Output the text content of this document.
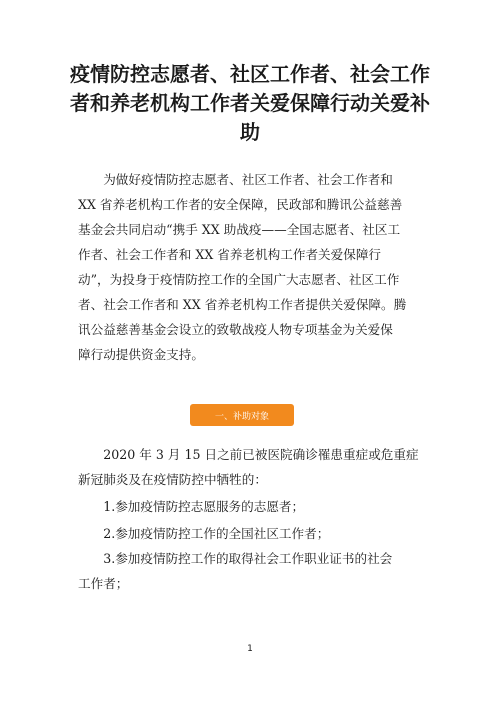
疫情防控志愿者、社区工作者、社会工作
者和养老机构工作者关爱保障行动关爱补
助
　　为做好疫情防控志愿者、社区工作者、社会工作者和
XX 省养老机构工作者的安全保障，民政部和腾讯公益慈善
基金会共同启动“携手 XX 助战疫——全国志愿者、社区工
作者、社会工作者和 XX 省养老机构工作者关爱保障行
动”，为投身于疫情防控工作的全国广大志愿者、社区工作
者、社会工作者和 XX 省养老机构工作者提供关爱保障。腾
讯公益慈善基金会设立的致敬战疫人物专项基金为关爱保
障行动提供资金支持。
一、补助对象
　　2020 年 3 月 15 日之前已被医院确诊罹患重症或危重症
新冠肺炎及在疫情防控中牺牲的：
　　1.参加疫情防控志愿服务的志愿者；
　　2.参加疫情防控工作的全国社区工作者；
　　3.参加疫情防控工作的取得社会工作职业证书的社会
工作者；
1
